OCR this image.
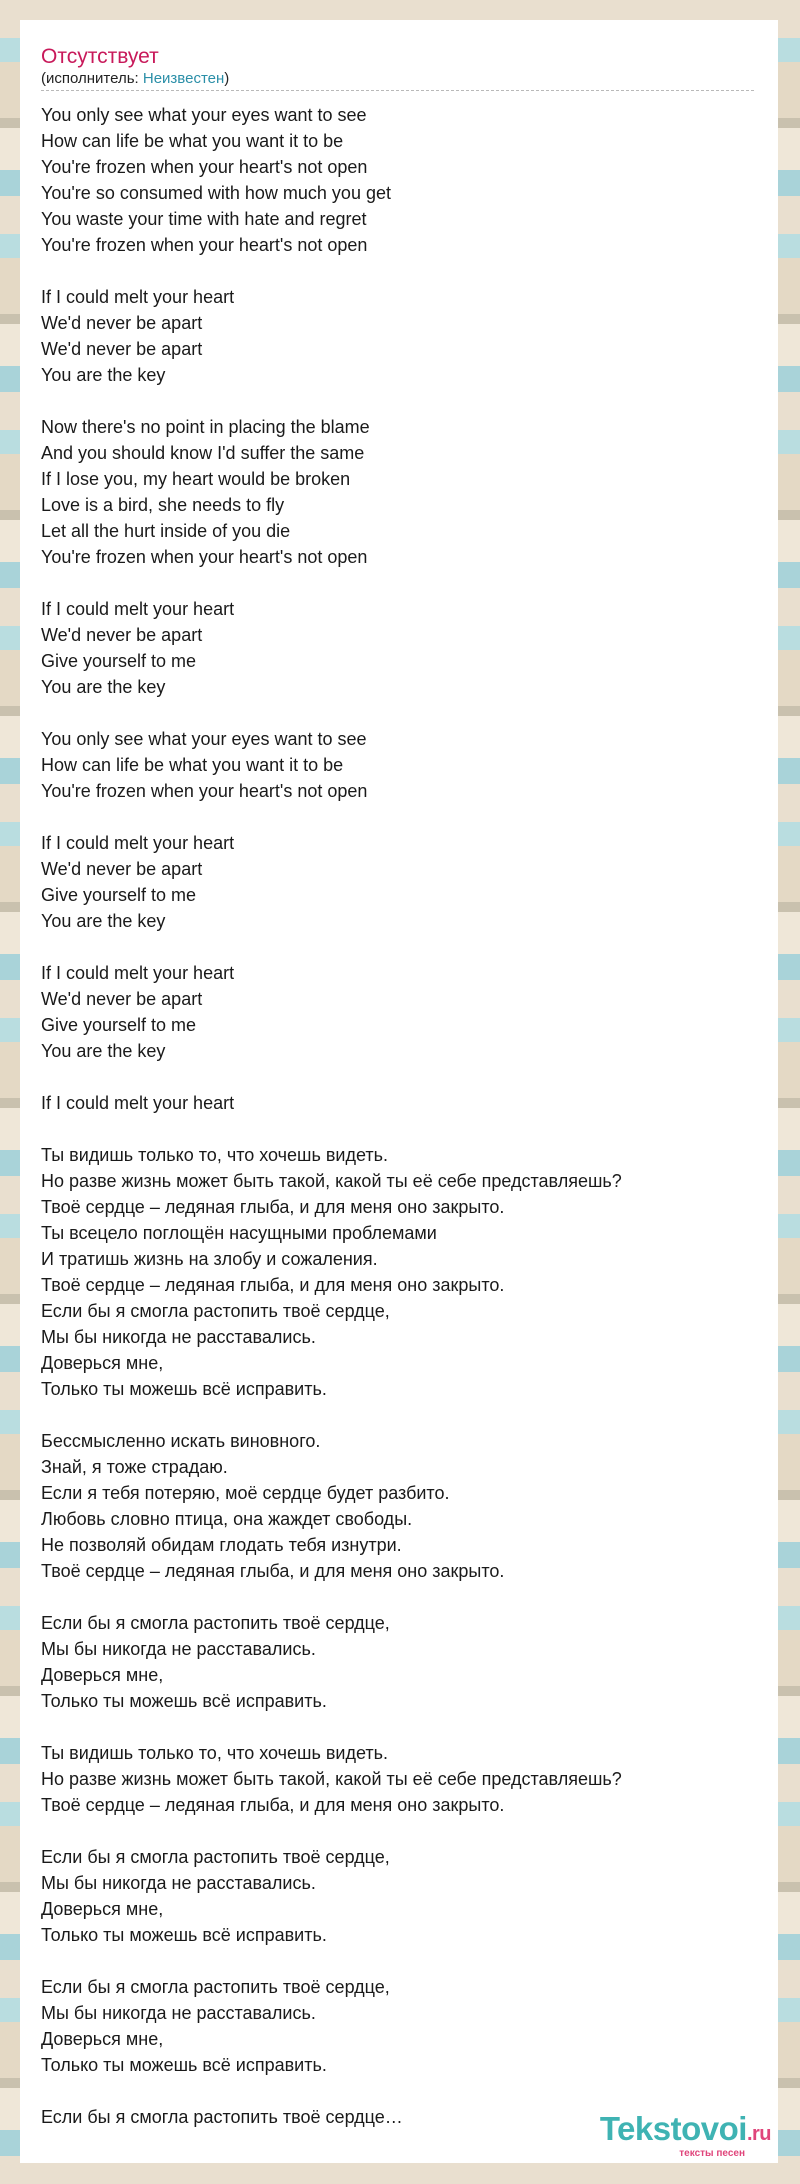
Отсутствует
(исполнитель: Неизвестен)
You only see what your eyes want to see
How can life be what you want it to be
You're frozen when your heart's not open
You're so consumed with how much you get
You waste your time with hate and regret
You're frozen when your heart's not open
If I could melt your heart
We'd never be apart
We'd never be apart
You are the key
Now there's no point in placing the blame
And you should know I'd suffer the same
If I lose you, my heart would be broken
Love is a bird, she needs to fly
Let all the hurt inside of you die
You're frozen when your heart's not open
If I could melt your heart
We'd never be apart
Give yourself to me
You are the key
You only see what your eyes want to see
How can life be what you want it to be
You're frozen when your heart's not open
If I could melt your heart
We'd never be apart
Give yourself to me
You are the key
If I could melt your heart
We'd never be apart
Give yourself to me
You are the key
If I could melt your heart
Ты видишь только то, что хочешь видеть.
Но разве жизнь может быть такой, какой ты её себе представляешь?
Твоё сердце – ледяная глыба, и для меня оно закрыто.
Ты всецело поглощён насущными проблемами
И тратишь жизнь на злобу и сожаления.
Твоё сердце – ледяная глыба, и для меня оно закрыто.
Если бы я смогла растопить твоё сердце,
Мы бы никогда не расставались.
Доверься мне,
Только ты можешь всё исправить.
Бессмысленно искать виновного.
Знай, я тоже страдаю.
Если я тебя потеряю, моё сердце будет разбито.
Любовь словно птица, она жаждет свободы.
Не позволяй обидам глодать тебя изнутри.
Твоё сердце – ледяная глыба, и для меня оно закрыто.
Если бы я смогла растопить твоё сердце,
Мы бы никогда не расставались.
Доверься мне,
Только ты можешь всё исправить.
Ты видишь только то, что хочешь видеть.
Но разве жизнь может быть такой, какой ты её себе представляешь?
Твоё сердце – ледяная глыба, и для меня оно закрыто.
Если бы я смогла растопить твоё сердце,
Мы бы никогда не расставались.
Доверься мне,
Только ты можешь всё исправить.
Если бы я смогла растопить твоё сердце,
Мы бы никогда не расставались.
Доверься мне,
Только ты можешь всё исправить.
Если бы я смогла растопить твоё сердце…	Tekstovoi.ru
тексты песен
